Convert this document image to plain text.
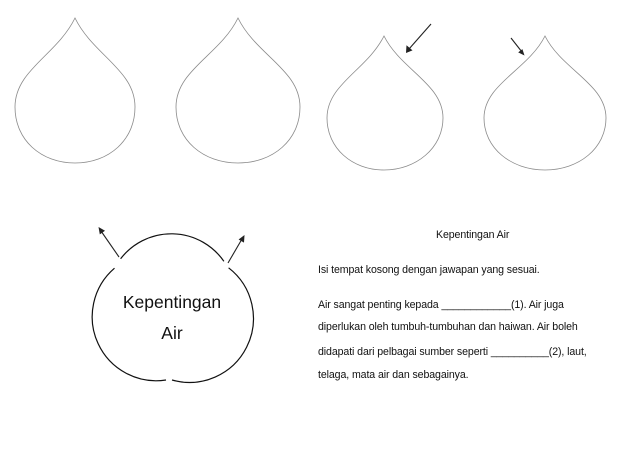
Kepentingan
Air
Kepentingan Air
Isi tempat kosong dengan jawapan yang sesuai.
Air sangat penting kepada ____________(1). Air juga
diperlukan oleh tumbuh-tumbuhan dan haiwan. Air boleh
didapati dari pelbagai sumber seperti __________(2), laut,
telaga, mata air dan sebagainya.
